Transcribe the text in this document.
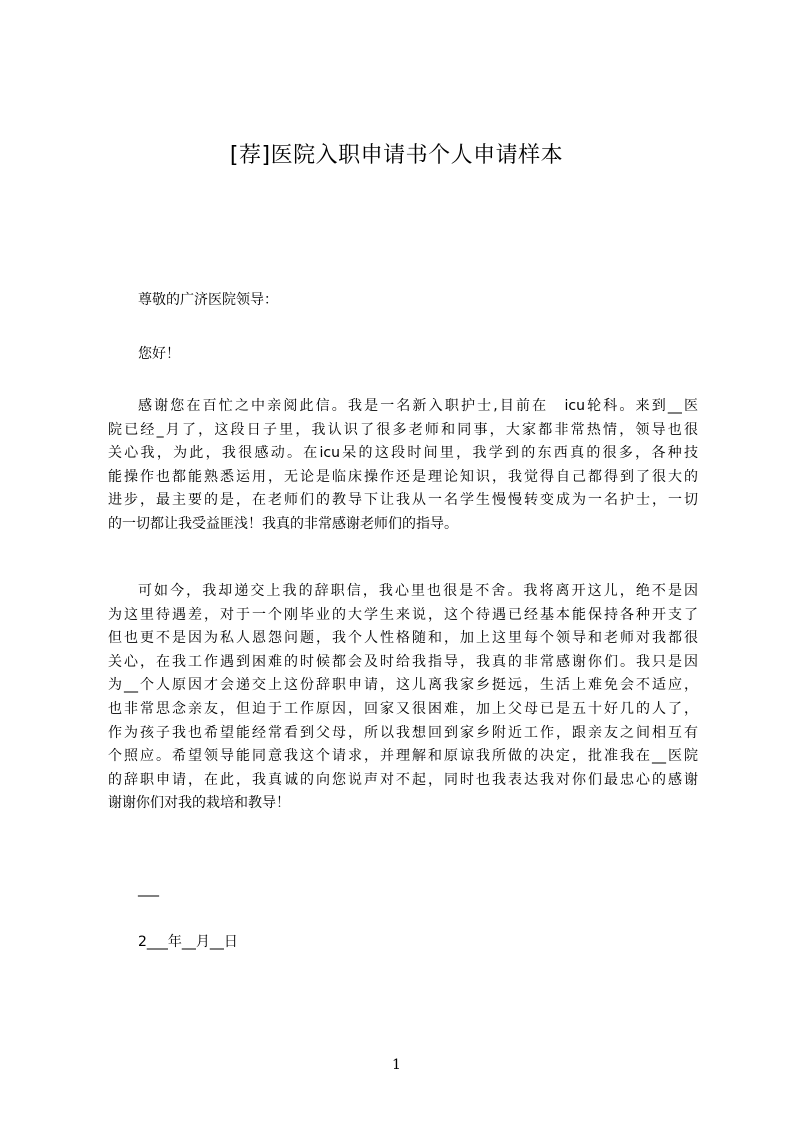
[荐]医院入职申请书个人申请样本
尊敬的广济医院领导：
您好！
感谢您在百忙之中亲阅此信。我是一名新入职护士,目前在　icu轮科。来到__医
院已经_月了，这段日子里，我认识了很多老师和同事，大家都非常热情，领导也很
关心我，为此，我很感动。在icu呆的这段时间里，我学到的东西真的很多，各种技
能操作也都能熟悉运用，无论是临床操作还是理论知识，我觉得自己都得到了很大的
进步，最主要的是，在老师们的教导下让我从一名学生慢慢转变成为一名护士，一切
的一切都让我受益匪浅！我真的非常感谢老师们的指导。
可如今，我却递交上我的辞职信，我心里也很是不舍。我将离开这儿，绝不是因
为这里待遇差，对于一个刚毕业的大学生来说，这个待遇已经基本能保持各种开支了
但也更不是因为私人恩怨问题，我个人性格随和，加上这里每个领导和老师对我都很
关心，在我工作遇到困难的时候都会及时给我指导，我真的非常感谢你们。我只是因
为__个人原因才会递交上这份辞职申请，这儿离我家乡挺远，生活上难免会不适应，
也非常思念亲友，但迫于工作原因，回家又很困难，加上父母已是五十好几的人了，
作为孩子我也希望能经常看到父母，所以我想回到家乡附近工作，跟亲友之间相互有
个照应。希望领导能同意我这个请求，并理解和原谅我所做的决定，批准我在__医院
的辞职申请，在此，我真诚的向您说声对不起，同时也我表达我对你们最忠心的感谢
谢谢你们对我的栽培和教导！
___
2___年__月__日
1
